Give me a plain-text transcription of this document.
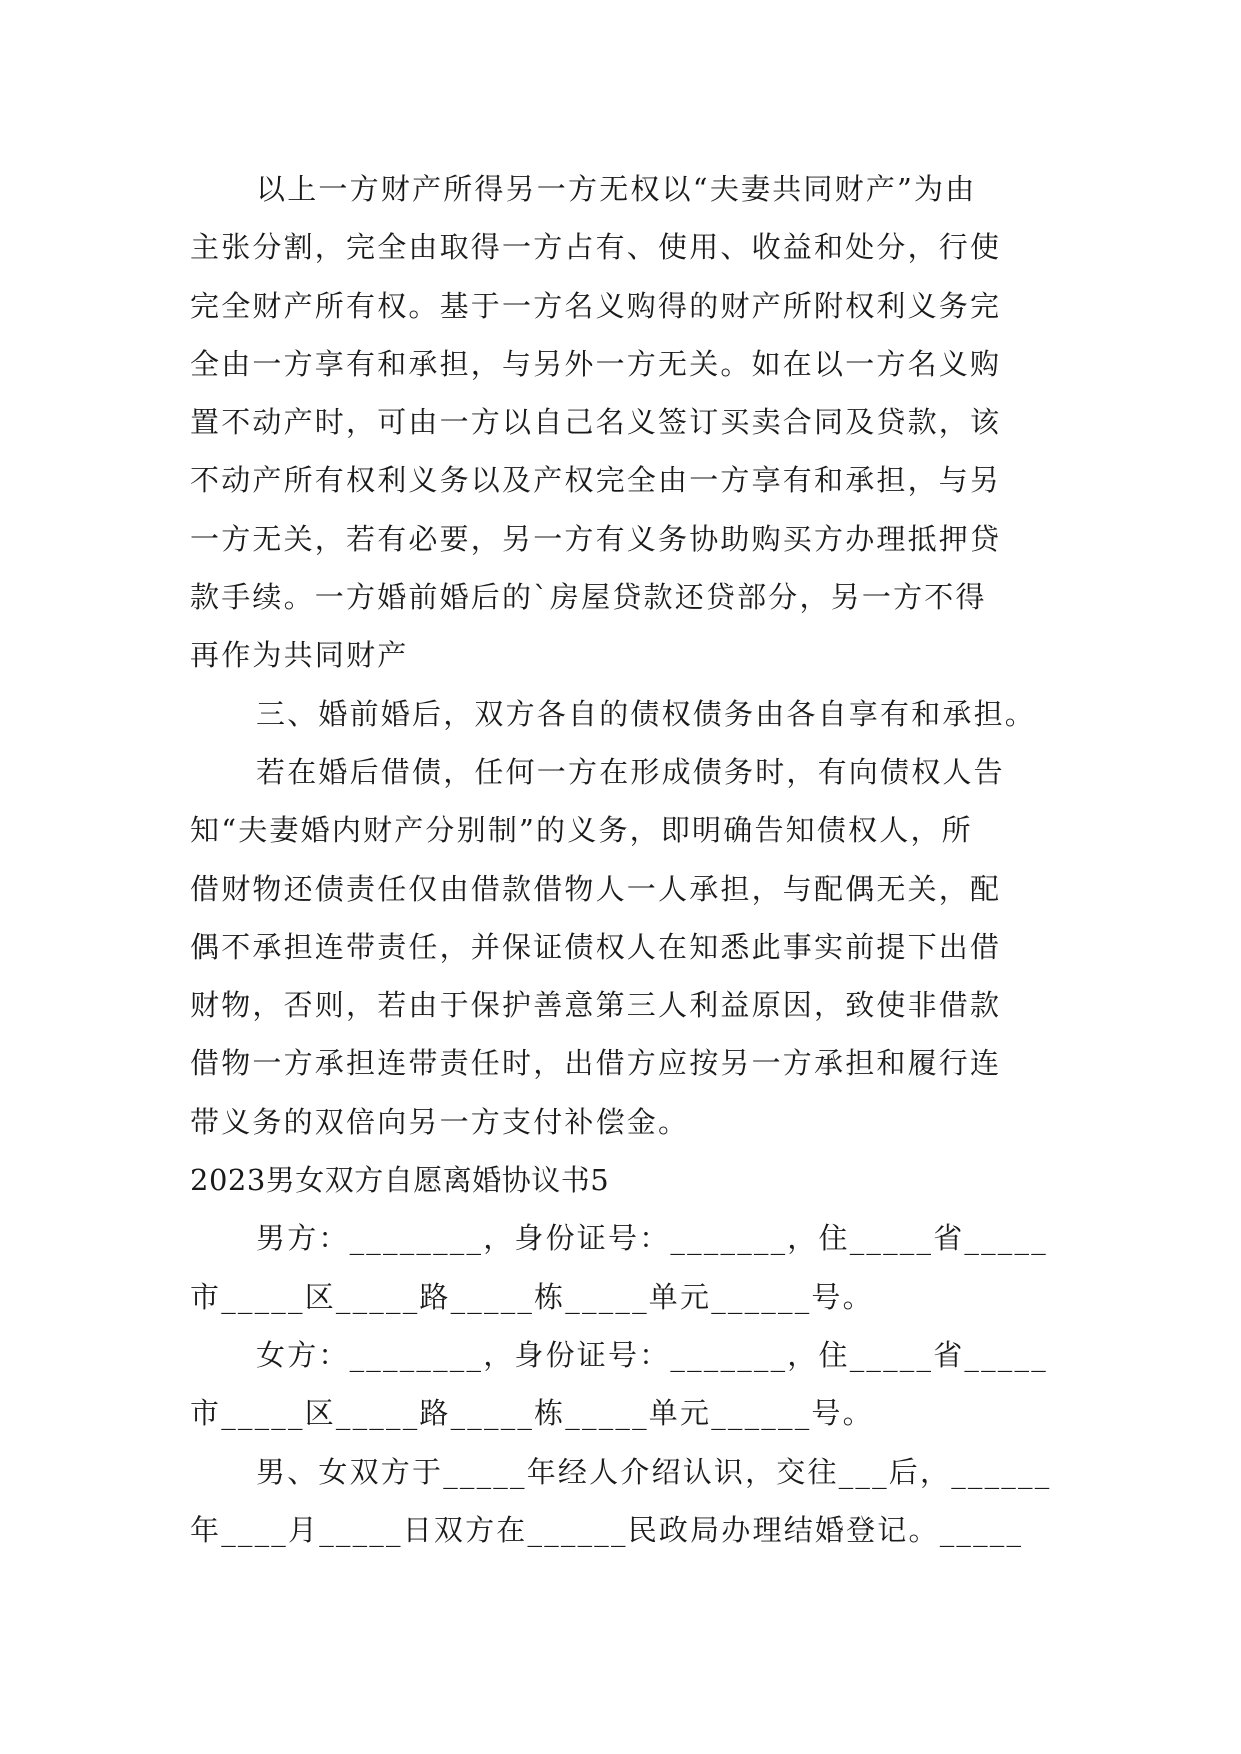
以上一方财产所得另一方无权以“夫妻共同财产”为由
主张分割，完全由取得一方占有、使用、收益和处分，行使
完全财产所有权。基于一方名义购得的财产所附权利义务完
全由一方享有和承担，与另外一方无关。如在以一方名义购
置不动产时，可由一方以自己名义签订买卖合同及贷款，该
不动产所有权利义务以及产权完全由一方享有和承担，与另
一方无关，若有必要，另一方有义务协助购买方办理抵押贷
款手续。一方婚前婚后的`房屋贷款还贷部分，另一方不得
再作为共同财产
三、婚前婚后，双方各自的债权债务由各自享有和承担。
若在婚后借债，任何一方在形成债务时，有向债权人告
知“夫妻婚内财产分别制”的义务，即明确告知债权人，所
借财物还债责任仅由借款借物人一人承担，与配偶无关，配
偶不承担连带责任，并保证债权人在知悉此事实前提下出借
财物，否则，若由于保护善意第三人利益原因，致使非借款
借物一方承担连带责任时，出借方应按另一方承担和履行连
带义务的双倍向另一方支付补偿金。
2023男女双方自愿离婚协议书5
男方：________，身份证号：_______，住_____省_____
市_____区_____路_____栋_____单元______号。
女方：________，身份证号：_______，住_____省_____
市_____区_____路_____栋_____单元______号。
男、女双方于_____年经人介绍认识，交往___后，______
年____月_____日双方在______民政局办理结婚登记。_____
